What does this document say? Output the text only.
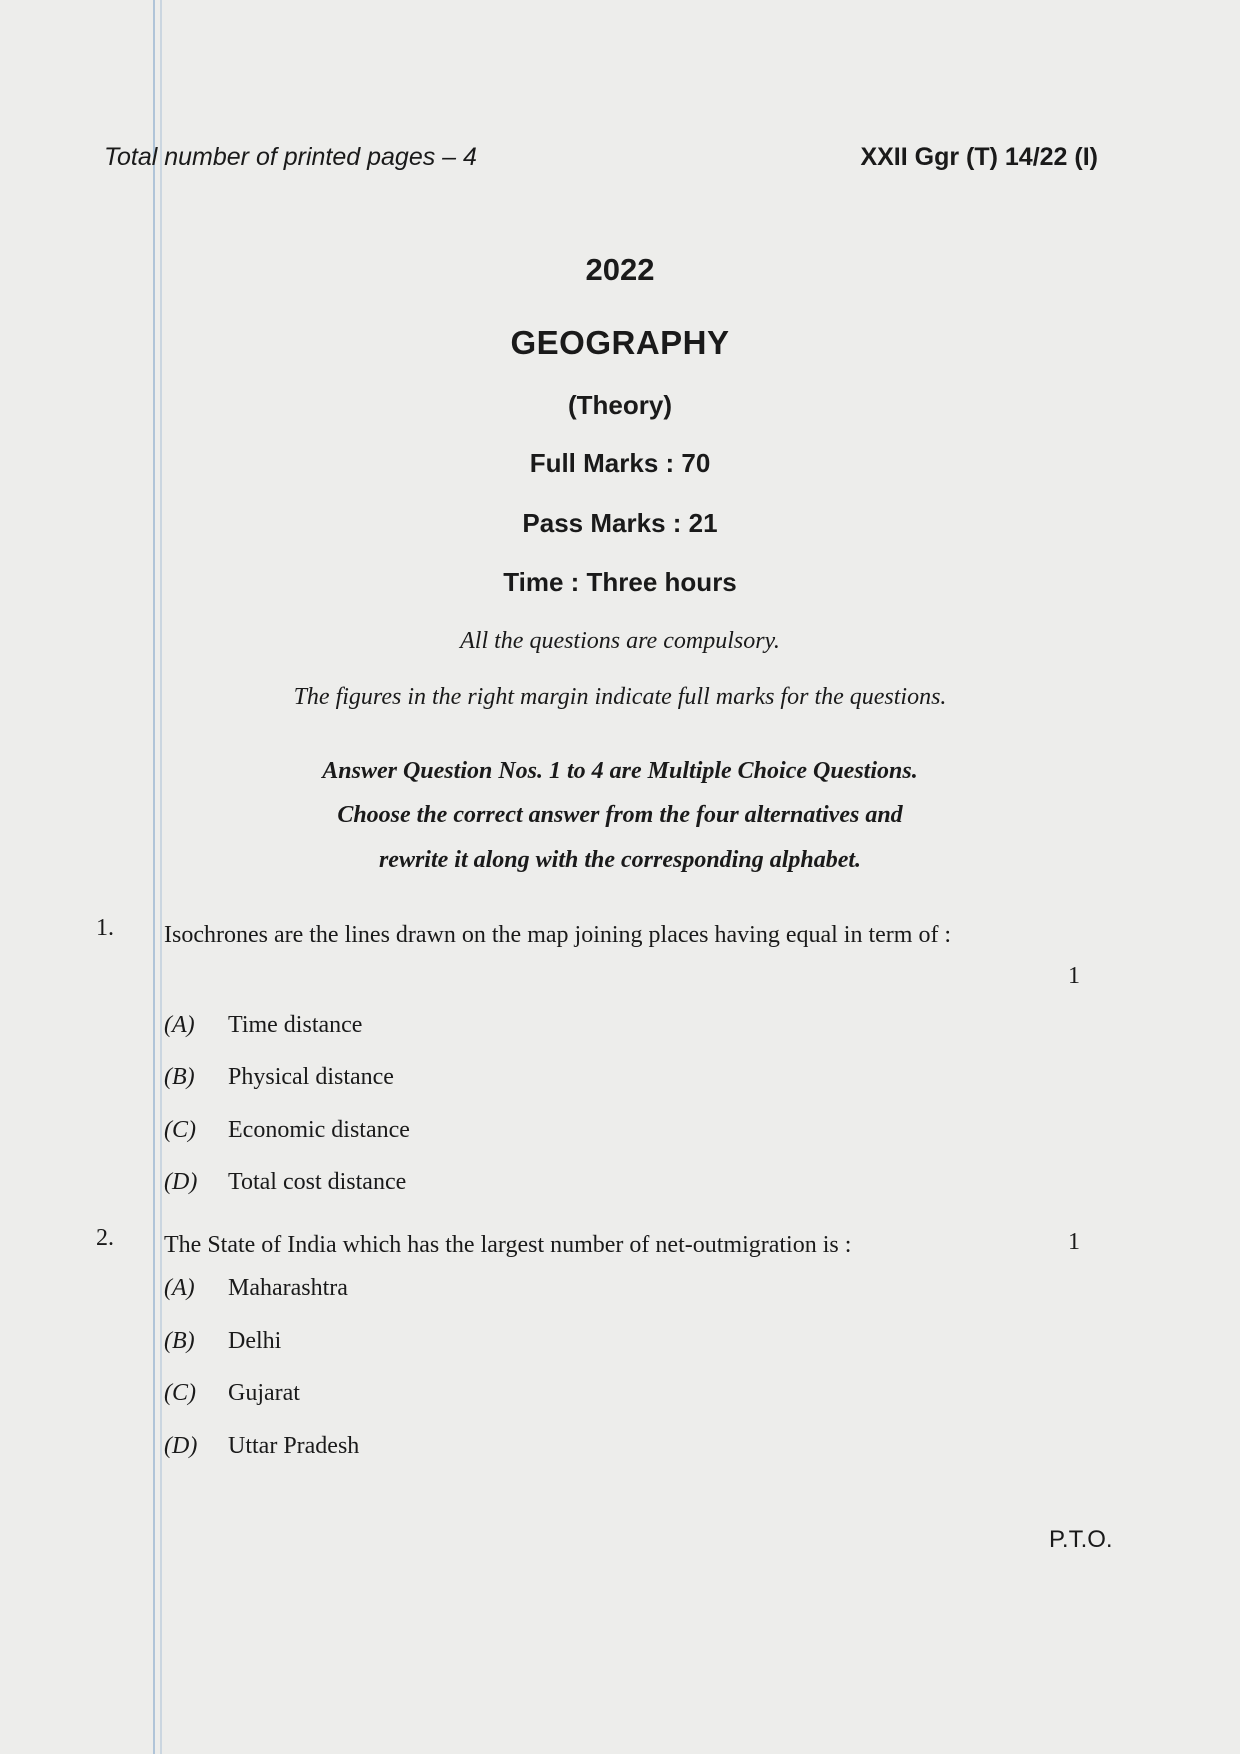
Total number of printed pages – 4	XXII Ggr (T) 14/22 (I)
2022
GEOGRAPHY
(Theory)
Full Marks : 70
Pass Marks : 21
Time : Three hours
All the questions are compulsory.
The figures in the right margin indicate full marks for the questions.
Answer Question Nos. 1 to 4 are Multiple Choice Questions.
Choose the correct answer from the four alternatives and
rewrite it along with the corresponding alphabet.
1. Isochrones are the lines drawn on the map joining places having equal in term of :
1
(A) Time distance
(B) Physical distance
(C) Economic distance
(D) Total cost distance
2. The State of India which has the largest number of net-outmigration is :	1
(A) Maharashtra
(B) Delhi
(C) Gujarat
(D) Uttar Pradesh
P.T.O.
